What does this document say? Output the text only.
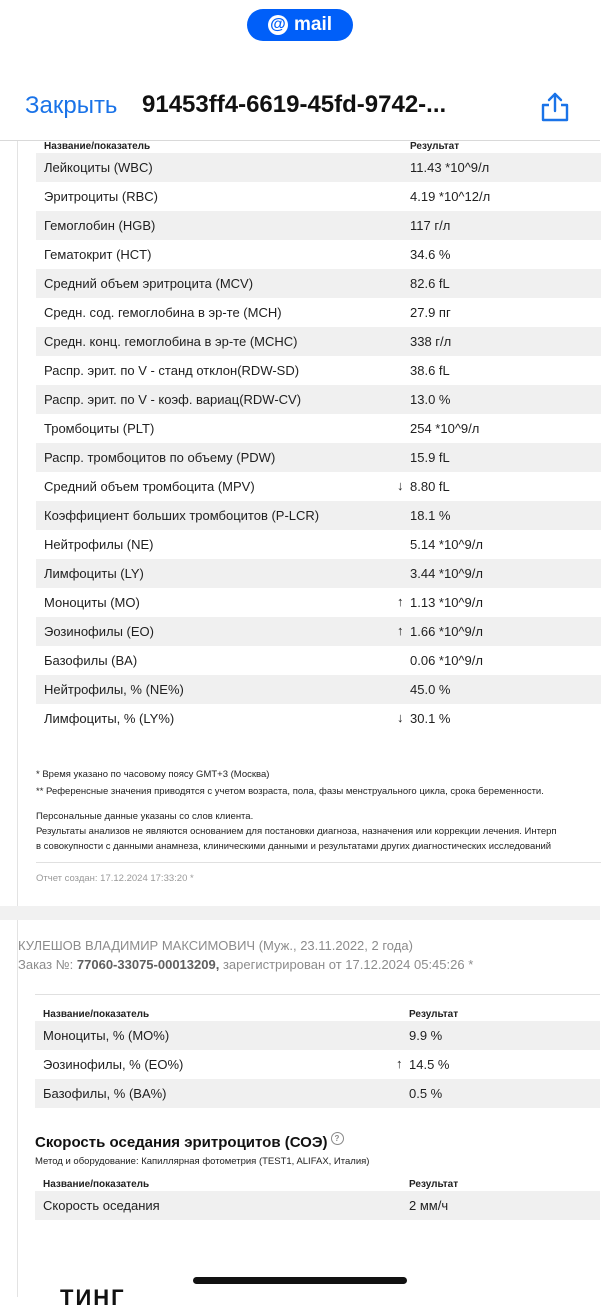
@ mail
Закрыть 91453ff4-6619-45fd-9742-...
Название/показатель	Результат
Лейкоциты (WBC)	11.43 *10^9/л
Эритроциты (RBC)	4.19 *10^12/л
Гемоглобин (HGB)	117 г/л
Гематокрит (HCT)	34.6 %
Средний объем эритроцита (MCV)	82.6 fL
Средн. сод. гемоглобина в эр-те (MCH)	27.9 пг
Средн. конц. гемоглобина в эр-те (MCHC)	338 г/л
Распр. эрит. по V - станд отклон(RDW-SD)	38.6 fL
Распр. эрит. по V - коэф. вариац(RDW-CV)	13.0 %
Тромбоциты (PLT)	254 *10^9/л
Распр. тромбоцитов по объему (PDW)	15.9 fL
Средний объем тромбоцита (MPV)	↓ 8.80 fL
Коэффициент больших тромбоцитов (P-LCR)	18.1 %
Нейтрофилы (NE)	5.14 *10^9/л
Лимфоциты (LY)	3.44 *10^9/л
Моноциты (MO)	↑ 1.13 *10^9/л
Эозинофилы (EO)	↑ 1.66 *10^9/л
Базофилы (BA)	0.06 *10^9/л
Нейтрофилы, % (NE%)	45.0 %
Лимфоциты, % (LY%)	↓ 30.1 %
* Время указано по часовому поясу GMT+3 (Москва)
** Референсные значения приводятся с учетом возраста, пола, фазы менструального цикла, срока беременности.
Персональные данные указаны со слов клиента.
Результаты анализов не являются основанием для постановки диагноза, назначения или коррекции лечения. Интерп
в совокупности с данными анамнеза, клиническими данными и результатами других диагностических исследований
Отчет создан: 17.12.2024 17:33:20 *
КУЛЕШОВ ВЛАДИМИР МАКСИМОВИЧ (Муж., 23.11.2022, 2 года)
Заказ №: 77060-33075-00013209, зарегистрирован от 17.12.2024 05:45:26 *
Название/показатель	Результат
Моноциты, % (MO%)	9.9 %
Эозинофилы, % (EO%)	↑ 14.5 %
Базофилы, % (BA%)	0.5 %
Скорость оседания эритроцитов (СОЭ) ?
Метод и оборудование: Капиллярная фотометрия (TEST1, ALIFAX, Италия)
Название/показатель	Результат
Скорость оседания	2 мм/ч
ТИНГ
